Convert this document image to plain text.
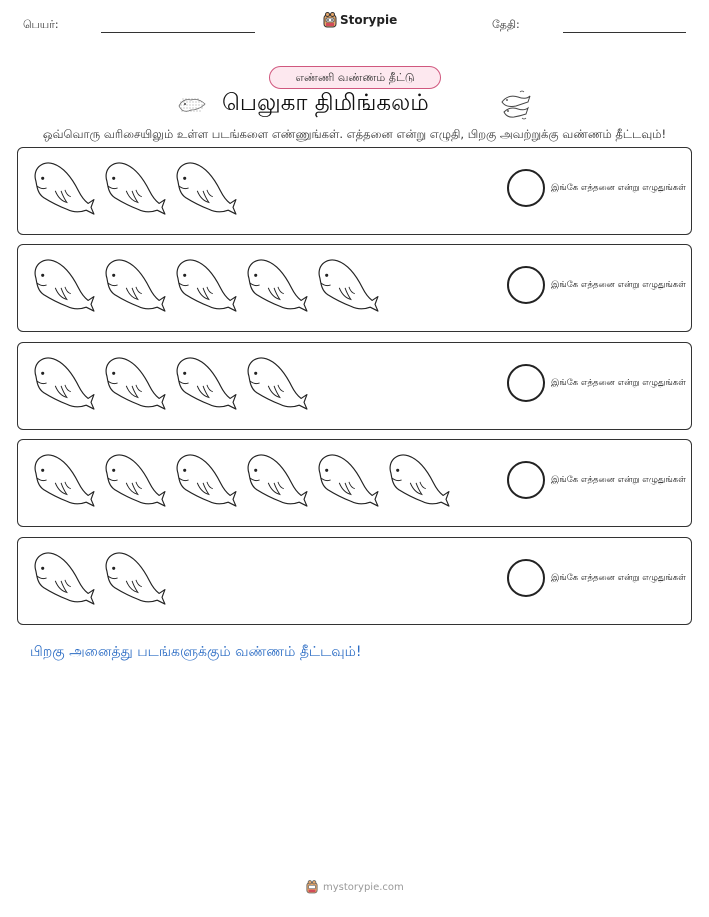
பெயர்:	Storypie	தேதி:
எண்ணி வண்ணம் தீட்டு
பெலுகா திமிங்கலம்
ஒவ்வொரு வரிசையிலும் உள்ள படங்களை எண்ணுங்கள். எத்தனை என்று எழுதி, பிறகு அவற்றுக்கு வண்ணம் தீட்டவும்!
இங்கே எத்தனை என்று எழுதுங்கள்
இங்கே எத்தனை என்று எழுதுங்கள்
இங்கே எத்தனை என்று எழுதுங்கள்
இங்கே எத்தனை என்று எழுதுங்கள்
இங்கே எத்தனை என்று எழுதுங்கள்
பிறகு அனைத்து படங்களுக்கும் வண்ணம் தீட்டவும்!
mystorypie.com
